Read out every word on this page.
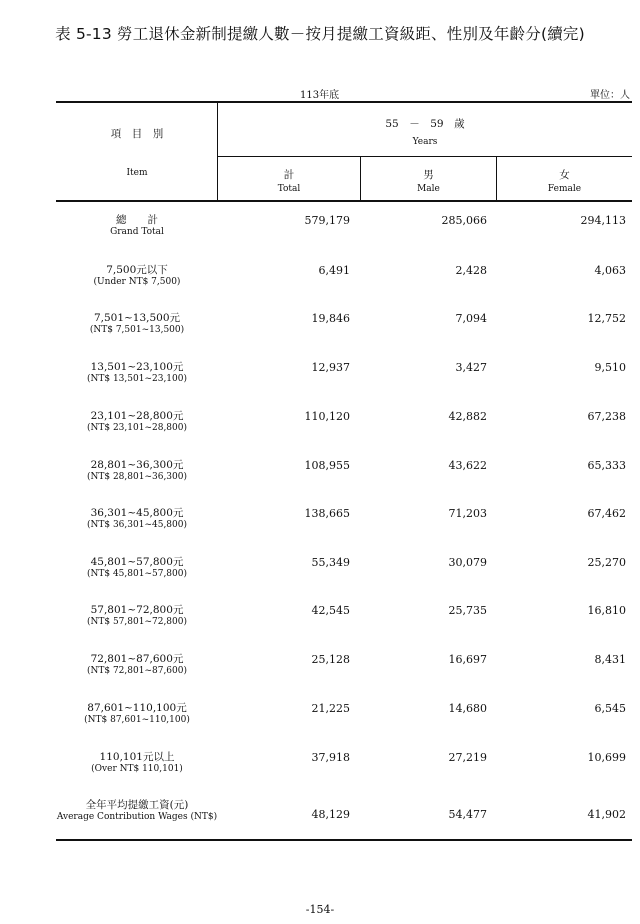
表 5-13 勞工退休金新制提繳人數－按月提繳工資級距、性別及年齡分(續完)
113年底	單位：人
項　目　別
Item
55　－　59　歲
Years
計
Total
男
Male
女
Female
總　　計
Grand Total
579,179	285,066	294,113
7,500元以下
(Under NT$ 7,500)
6,491	2,428	4,063
7,501~13,500元
(NT$ 7,501~13,500)
19,846	7,094	12,752
13,501~23,100元
(NT$ 13,501~23,100)
12,937	3,427	9,510
23,101~28,800元
(NT$ 23,101~28,800)
110,120	42,882	67,238
28,801~36,300元
(NT$ 28,801~36,300)
108,955	43,622	65,333
36,301~45,800元
(NT$ 36,301~45,800)
138,665	71,203	67,462
45,801~57,800元
(NT$ 45,801~57,800)
55,349	30,079	25,270
57,801~72,800元
(NT$ 57,801~72,800)
42,545	25,735	16,810
72,801~87,600元
(NT$ 72,801~87,600)
25,128	16,697	8,431
87,601~110,100元
(NT$ 87,601~110,100)
21,225	14,680	6,545
110,101元以上
(Over NT$ 110,101)
37,918	27,219	10,699
全年平均提繳工資(元)
Average Contribution Wages (NT$)	48,129	54,477	41,902
-154-
